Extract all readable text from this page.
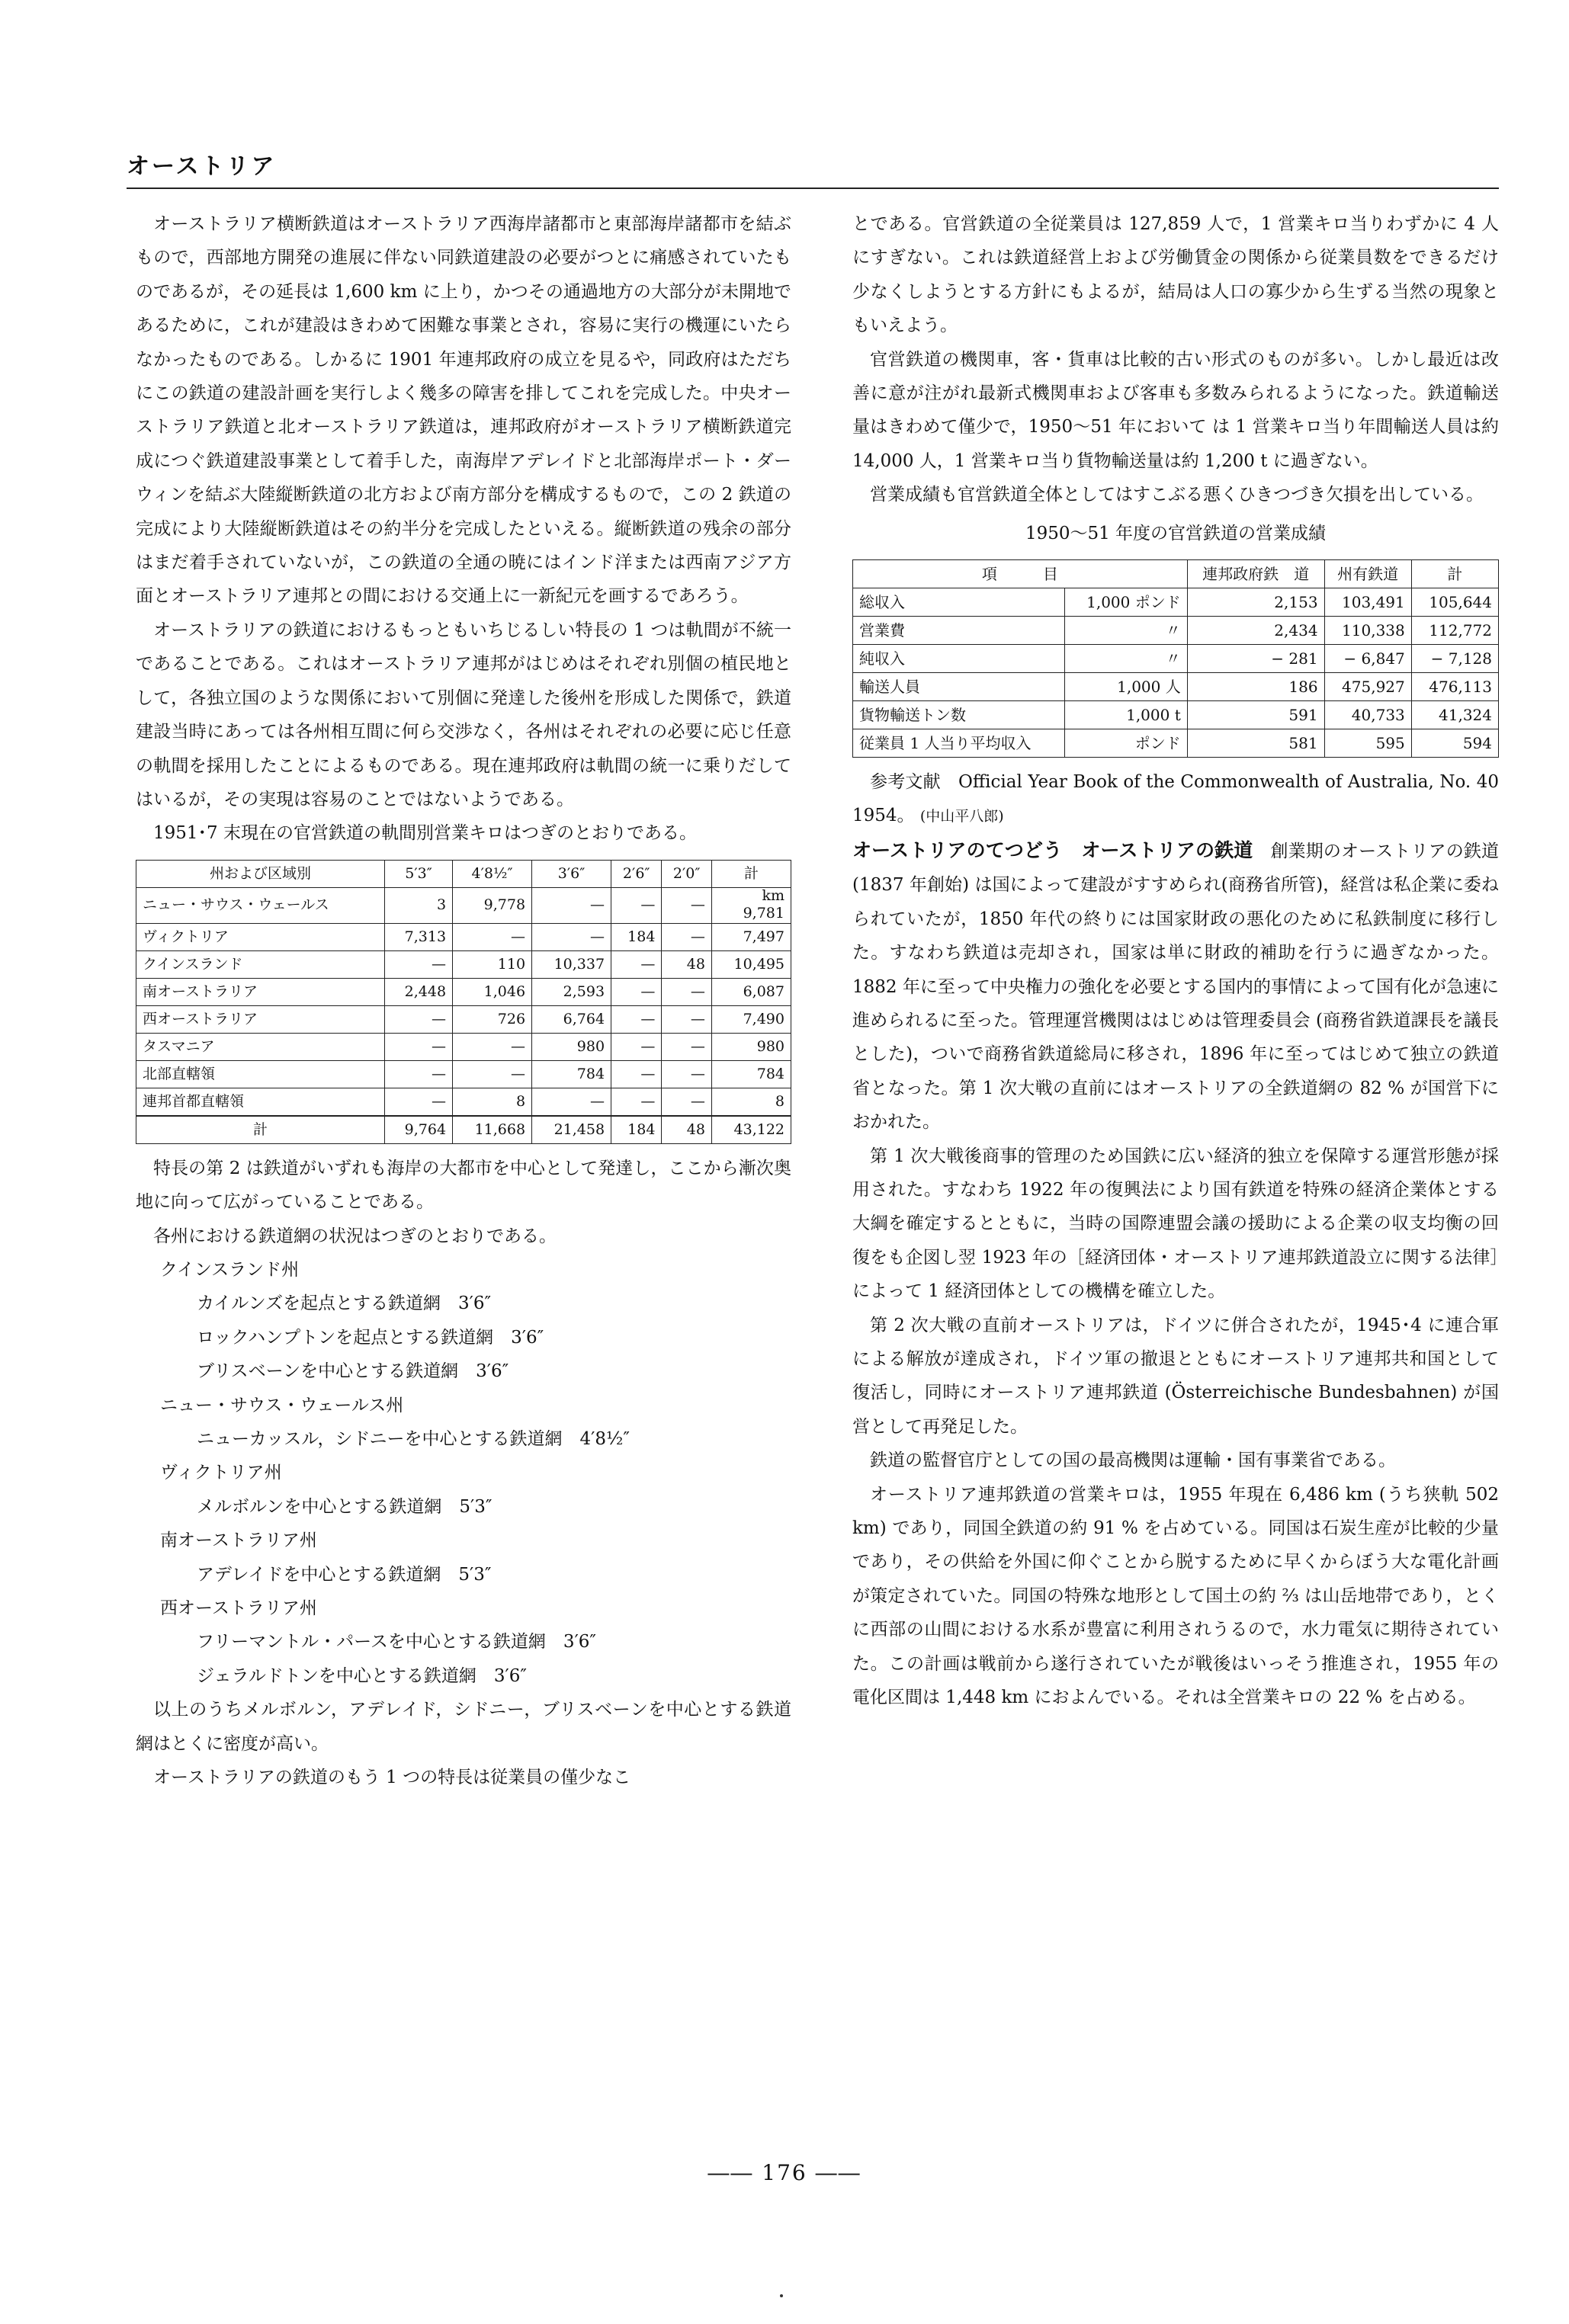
オーストリア

オーストラリア横断鉄道はオーストラリア西海岸諸都市と東部海岸諸都市を結ぶもので，西部地方開発の進展に伴ない同鉄道建設の必要がつとに痛感されていたものであるが，その延長は 1,600 km に上り，かつその通過地方の大部分が未開地であるために，これが建設はきわめて困難な事業とされ，容易に実行の機運にいたらなかったものである。しかるに 1901 年連邦政府の成立を見るや，同政府はただちにこの鉄道の建設計画を実行しよく幾多の障害を排してこれを完成した。中央オーストラリア鉄道と北オーストラリア鉄道は，連邦政府がオーストラリア横断鉄道完成につぐ鉄道建設事業として着手した，南海岸アデレイドと北部海岸ポート・ダーウィンを結ぶ大陸縦断鉄道の北方および南方部分を構成するもので，この 2 鉄道の完成により大陸縦断鉄道はその約半分を完成したといえる。縦断鉄道の残余の部分はまだ着手されていないが，この鉄道の全通の暁にはインド洋または西南アジア方面とオーストラリア連邦との間における交通上に一新紀元を画するであろう。

オーストラリアの鉄道におけるもっともいちじるしい特長の 1 つは軌間が不統一であることである。これはオーストラリア連邦がはじめはそれぞれ別個の植民地として，各独立国のような関係において別個に発達した後州を形成した関係で，鉄道建設当時にあっては各州相互間に何ら交渉なく，各州はそれぞれの必要に応じ任意の軌間を採用したことによるものである。現在連邦政府は軌間の統一に乗りだしてはいるが，その実現は容易のことではないようである。

1951･7 末現在の官営鉄道の軌間別営業キロはつぎのとおりである。

州および区域別	5′3″	4′8½″	3′6″	2′6″	2′0″	計
ニュー・サウス・ウェールス	3	9,778	—	—	—	km
9,781

ヴィクトリア	7,313	—	—	184	—	7,497
クインスランド	—	110	10,337	—	48	10,495
南オーストラリア	2,448	1,046	2,593	—	—	6,087
西オーストラリア	—	726	6,764	—	—	7,490
タスマニア	—	—	980	—	—	980
北部直轄領	—	—	784	—	—	784
連邦首都直轄領	—	8	—	—	—	8
計	9,764	11,668	21,458	184	48	43,122

特長の第 2 は鉄道がいずれも海岸の大都市を中心として発達し，ここから漸次奥地に向って広がっていることである。

各州における鉄道網の状況はつぎのとおりである。

クインスランド州
カイルンズを起点とする鉄道網　3′6″
ロックハンプトンを起点とする鉄道網　3′6″
ブリスベーンを中心とする鉄道網　3′6″
ニュー・サウス・ウェールス州
ニューカッスル，シドニーを中心とする鉄道網　4′8½″
ヴィクトリア州
メルボルンを中心とする鉄道網　5′3″
南オーストラリア州
アデレイドを中心とする鉄道網　5′3″
西オーストラリア州
フリーマントル・パースを中心とする鉄道網　3′6″
ジェラルドトンを中心とする鉄道網　3′6″

以上のうちメルボルン，アデレイド，シドニー，ブリスベーンを中心とする鉄道網はとくに密度が高い。

オーストラリアの鉄道のもう 1 つの特長は従業員の僅少なこ

とである。官営鉄道の全従業員は 127,859 人で，1 営業キロ当りわずかに 4 人にすぎない。これは鉄道経営上および労働賃金の関係から従業員数をできるだけ少なくしようとする方針にもよるが，結局は人口の寡少から生ずる当然の現象ともいえよう。

官営鉄道の機関車，客・貨車は比較的古い形式のものが多い。しかし最近は改善に意が注がれ最新式機関車および客車も多数みられるようになった。鉄道輸送量はきわめて僅少で，1950～51 年において は 1 営業キロ当り年間輸送人員は約 14,000 人，1 営業キロ当り貨物輸送量は約 1,200 t に過ぎない。

営業成績も官営鉄道全体としてはすこぶる悪くひきつづき欠損を出している。

1950～51 年度の官営鉄道の営業成績
項　　　目		連邦政府鉄　道	州有鉄道	計
総収入	1,000 ポンド	2,153	103,491	105,644
営業費	〃	2,434	110,338	112,772
純収入	〃	− 281	− 6,847	− 7,128
輸送人員	1,000 人	186	475,927	476,113
貨物輸送トン数	1,000 t	591	40,733	41,324
従業員 1 人当り平均収入	ポンド	581	595	594

参考文献　Official Year Book of the Commonwealth of Australia, No. 40　1954。 (中山平八郎)

オーストリアのてつどう　オーストリアの鉄道　 創業期のオーストリアの鉄道 (1837 年創始) は国によって建設がすすめられ(商務省所管)，経営は私企業に委ねられていたが，1850 年代の終りには国家財政の悪化のために私鉄制度に移行した。すなわち鉄道は売却され，国家は単に財政的補助を行うに過ぎなかった。1882 年に至って中央権力の強化を必要とする国内的事情によって国有化が急速に進められるに至った。管理運営機関ははじめは管理委員会 (商務省鉄道課長を議長とした)，ついで商務省鉄道総局に移され，1896 年に至ってはじめて独立の鉄道省となった。第 1 次大戦の直前にはオーストリアの全鉄道網の 82 % が国営下におかれた。

第 1 次大戦後商事的管理のため国鉄に広い経済的独立を保障する運営形態が採用された。すなわち 1922 年の復興法により国有鉄道を特殊の経済企業体とする大綱を確定するとともに，当時の国際連盟会議の援助による企業の収支均衡の回復をも企図し翌 1923 年の［経済団体・オーストリア連邦鉄道設立に関する法律］によって 1 経済団体としての機構を確立した。

第 2 次大戦の直前オーストリアは，ドイツに併合されたが，1945･4 に連合軍による解放が達成され，ドイツ軍の撤退とともにオーストリア連邦共和国として復活し，同時にオーストリア連邦鉄道 (Österreichische Bundesbahnen) が国営として再発足した。

鉄道の監督官庁としての国の最高機関は運輸・国有事業省である。

オーストリア連邦鉄道の営業キロは，1955 年現在 6,486 km (うち狭軌 502 km) であり，同国全鉄道の約 91 % を占めている。同国は石炭生産が比較的少量であり，その供給を外国に仰ぐことから脱するために早くからぼう大な電化計画が策定されていた。同国の特殊な地形として国土の約 ⅔ は山岳地帯であり，とくに西部の山間における水系が豊富に利用されうるので，水力電気に期待されていた。この計画は戦前から遂行されていたが戦後はいっそう推進され，1955 年の電化区間は 1,448 km におよんでいる。それは全営業キロの 22 % を占める。

―― 176 ――
